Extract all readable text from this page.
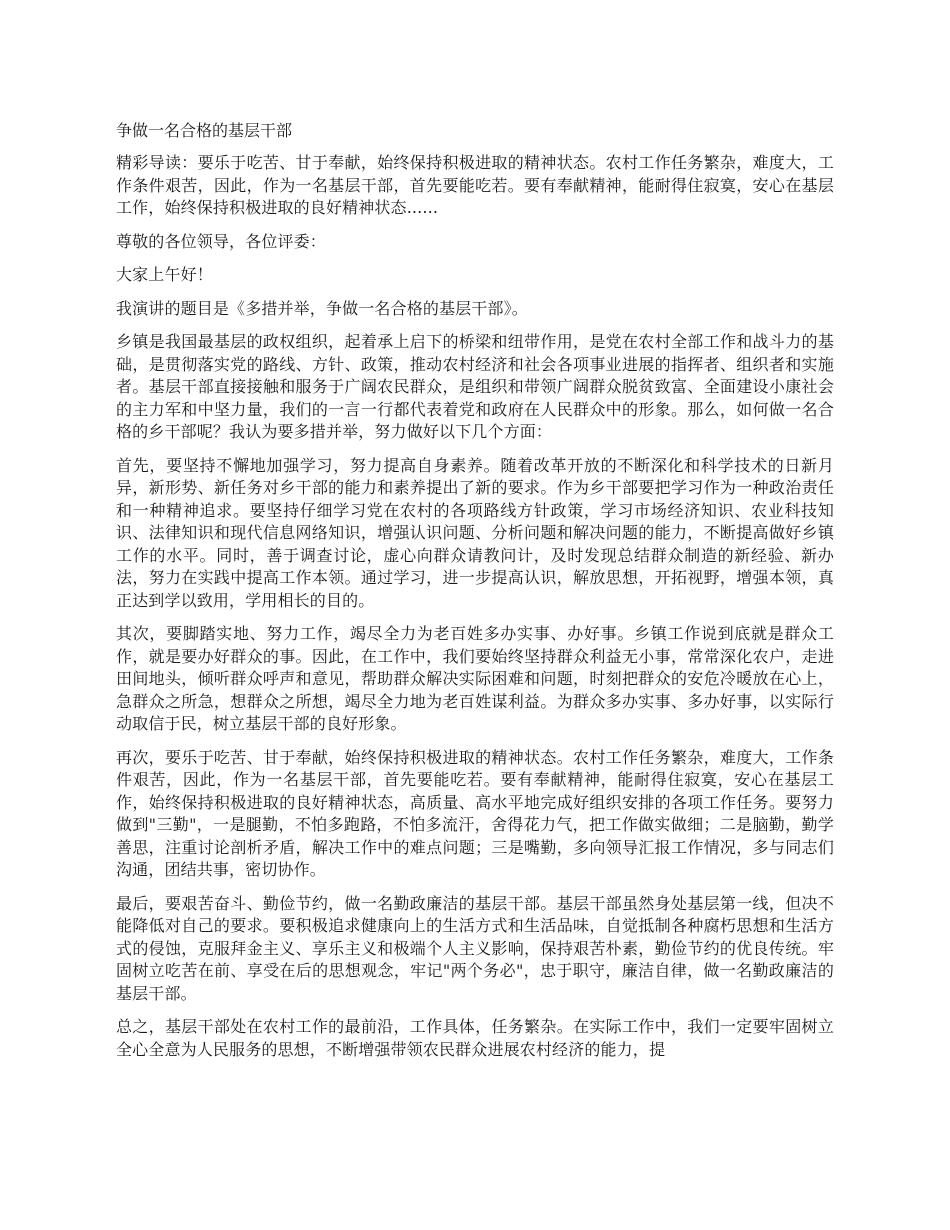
争做一名合格的基层干部

精彩导读：要乐于吃苦、甘于奉献，始终保持积极进取的精神状态。农村工作任务繁杂，难度大，工作条件艰苦，因此，作为一名基层干部，首先要能吃若。要有奉献精神，能耐得住寂寞，安心在基层工作，始终保持积极进取的良好精神状态......

尊敬的各位领导，各位评委：

大家上午好！

我演讲的题目是《多措并举，争做一名合格的基层干部》。

乡镇是我国最基层的政权组织，起着承上启下的桥梁和纽带作用，是党在农村全部工作和战斗力的基础，是贯彻落实党的路线、方针、政策，推动农村经济和社会各项事业进展的指挥者、组织者和实施者。基层干部直接接触和服务于广阔农民群众，是组织和带领广阔群众脱贫致富、全面建设小康社会的主力军和中坚力量，我们的一言一行都代表着党和政府在人民群众中的形象。那么，如何做一名合格的乡干部呢？我认为要多措并举，努力做好以下几个方面：

首先，要坚持不懈地加强学习，努力提高自身素养。随着改革开放的不断深化和科学技术的日新月异，新形势、新任务对乡干部的能力和素养提出了新的要求。作为乡干部要把学习作为一种政治责任和一种精神追求。要坚持仔细学习党在农村的各项路线方针政策，学习市场经济知识、农业科技知识、法律知识和现代信息网络知识，增强认识问题、分析问题和解决问题的能力，不断提高做好乡镇工作的水平。同时，善于调查讨论，虚心向群众请教问计，及时发现总结群众制造的新经验、新办法，努力在实践中提高工作本领。通过学习，进一步提高认识，解放思想，开拓视野，增强本领，真正达到学以致用，学用相长的目的。

其次，要脚踏实地、努力工作，竭尽全力为老百姓多办实事、办好事。乡镇工作说到底就是群众工作，就是要办好群众的事。因此，在工作中，我们要始终坚持群众利益无小事，常常深化农户，走进田间地头，倾听群众呼声和意见，帮助群众解决实际困难和问题，时刻把群众的安危冷暖放在心上，急群众之所急，想群众之所想，竭尽全力地为老百姓谋利益。为群众多办实事、多办好事，以实际行动取信于民，树立基层干部的良好形象。

再次，要乐于吃苦、甘于奉献，始终保持积极进取的精神状态。农村工作任务繁杂，难度大，工作条件艰苦，因此，作为一名基层干部，首先要能吃若。要有奉献精神，能耐得住寂寞，安心在基层工作，始终保持积极进取的良好精神状态，高质量、高水平地完成好组织安排的各项工作任务。要努力做到"三勤"，一是腿勤，不怕多跑路，不怕多流汗，舍得花力气，把工作做实做细；二是脑勤，勤学善思，注重讨论剖析矛盾，解决工作中的难点问题；三是嘴勤，多向领导汇报工作情况，多与同志们沟通，团结共事，密切协作。

最后，要艰苦奋斗、勤俭节约，做一名勤政廉洁的基层干部。基层干部虽然身处基层第一线，但决不能降低对自己的要求。要积极追求健康向上的生活方式和生活品味，自觉抵制各种腐朽思想和生活方式的侵蚀，克服拜金主义、享乐主义和极端个人主义影响，保持艰苦朴素，勤俭节约的优良传统。牢固树立吃苦在前、享受在后的思想观念，牢记"两个务必"，忠于职守，廉洁自律，做一名勤政廉洁的基层干部。

总之，基层干部处在农村工作的最前沿，工作具体，任务繁杂。在实际工作中，我们一定要牢固树立全心全意为人民服务的思想，不断增强带领农民群众进展农村经济的能力，提
